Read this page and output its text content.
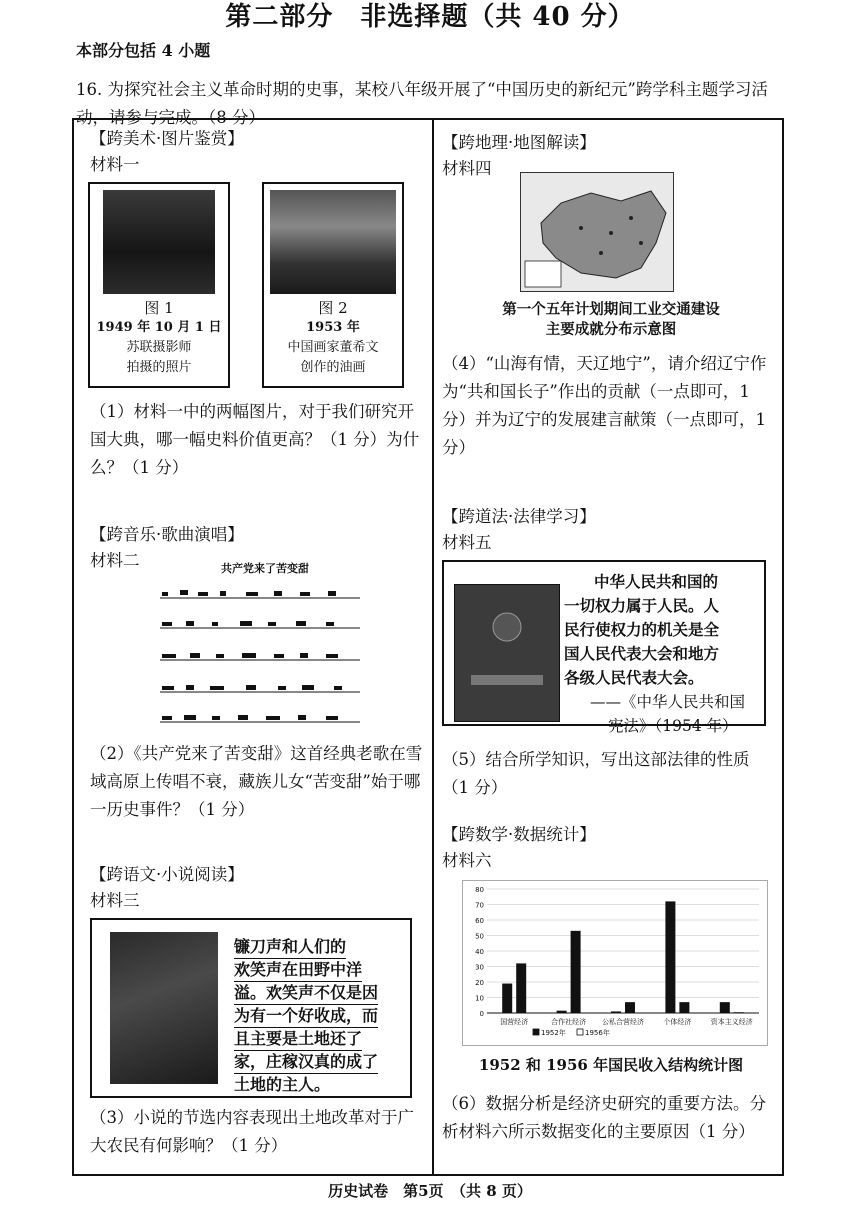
第二部分　非选择题（共 40 分）
本部分包括 4 小题
16. 为探究社会主义革命时期的史事，某校八年级开展了“中国历史的新纪元”跨学科主题学习活动，请参与完成。（8 分）
【跨美术·图片鉴赏】
材料一
图 1
1949 年 10 月 1 日
苏联摄影师
拍摄的照片
图 2
1953 年
中国画家董希文
创作的油画
（1）材料一中的两幅图片，对于我们研究开国大典，哪一幅史料价值更高？（1 分）为什么？（1 分）
【跨音乐·歌曲演唱】
材料二	共产党来了苦变甜
（2）《共产党来了苦变甜》这首经典老歌在雪域高原上传唱不衰，藏族儿女“苦变甜”始于哪一历史事件？（1 分）
【跨语文·小说阅读】
材料三
镰刀声和人们的 欢笑声在田野中洋 溢。欢笑声不仅是因 为有一个好收成，而 且主要是土地还了 家，庄稼汉真的成了 土地的主人。
（3）小说的节选内容表现出土地改革对于广大农民有何影响？（1 分）
【跨地理·地图解读】
材料四
第一个五年计划期间工业交通建设
主要成就分布示意图
（4）“山海有情，天辽地宁”，请介绍辽宁作为“共和国长子”作出的贡献（一点即可，1 分）并为辽宁的发展建言献策（一点即可，1 分）
【跨道法·法律学习】
材料五
中华人民共和国的
一切权力属于人民。人
民行使权力的机关是全
国人民代表大会和地方
各级人民代表大会。
——《中华人民共和国
宪法》（1954 年）
（5）结合所学知识，写出这部法律的性质（1 分）
【跨数学·数据统计】
材料六
0
10
20
30
40
50
60
70
80
国营经济	合作社经济 公私合营经济	个体经济	资本主义经济
1952年	1956年
1952 和 1956 年国民收入结构统计图
（6）数据分析是经济史研究的重要方法。分析材料六所示数据变化的主要原因（1 分）
历史试卷　第5页　（共 8 页）
